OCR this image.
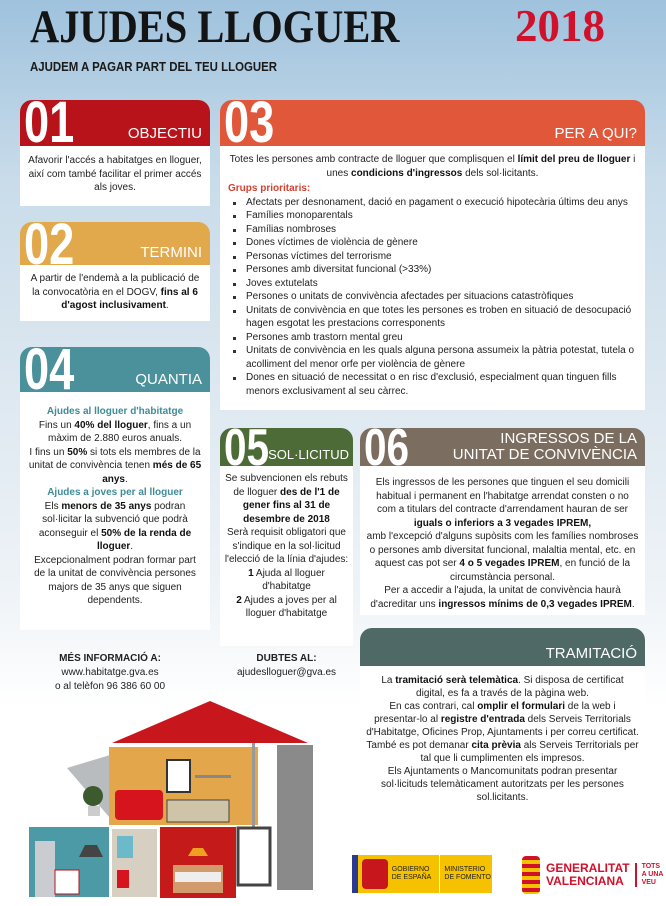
AJUDES LLOGUER	2018
AJUDEM A PAGAR PART DEL TEU LLOGUER
01	OBJECTIU
Afavorir l'accés a habitatges en lloguer, així com també facilitar el primer accés als joves.
02	TERMINI
A partir de l'endemà a la publicació de la convocatòria en el DOGV, fins al 6 d'agost inclusivament.
04	QUANTIA
Ajudes al lloguer d'habitatge
Fins un 40% del lloguer, fins a un màxim de 2.880 euros anuals.
I fins un 50% si tots els membres de la unitat de convivència tenen més de 65 anys.
Ajudes a joves per al lloguer
Els menors de 35 anys podran sol·licitar la subvenció que podrà aconseguir el 50% de la renda de lloguer.
Excepcionalment podran formar part de la unitat de convivència persones majors de 35 anys que siguen dependents.
03	PER A QUI?
Totes les persones amb contracte de lloguer que complisquen el límit del preu de lloguer i unes condicions d'ingressos dels sol·licitants.
Grups prioritaris:
Afectats per desnonament, dació en pagament o execució hipotecària últims deu anys
Famílies monoparentals
Famílias nombroses
Dones víctimes de violència de gènere
Personas víctimes del terrorisme
Persones amb diversitat funcional (>33%)
Joves extutelats
Persones o unitats de convivència afectades per situacions catastròfiques
Unitats de convivència en que totes les persones es troben en situació de desocupació hagen esgotat les prestacions corresponents
Persones amb trastorn mental greu
Unitats de convivència en les quals alguna persona assumeix la pàtria potestat, tutela o acolliment del menor orfe per violència de gènere
Dones en situació de necessitat o en risc d'exclusió, especialment quan tinguen fills menors exclusivament al seu càrrec.
05
SOL·LICITUD
Se subvencionen els rebuts de lloguer des de l'1 de gener fins al 31 de desembre de 2018
Serà requisit obligatori que s'indique en la sol·licitud l'elecció de la línia d'ajudes:
1 Ajuda al lloguer d'habitatge
2 Ajudes a joves per al lloguer d'habitatge
06	INGRESSOS DE LA
UNITAT DE CONVIVÈNCIA
Els ingressos de les persones que tinguen el seu domicili habitual i permanent en l'habitatge arrendat consten o no com a titulars del contracte d'arrendament hauran de ser
iguals o inferiors a 3 vegades IPREM,
amb l'excepció d'alguns supòsits com les famílies nombroses o persones amb diversitat funcional, malaltia mental, etc. en aquest cas pot ser 4 o 5 vegades IPREM, en funció de la circumstància personal.
Per a accedir a l'ajuda, la unitat de convivència haurà d'acreditar uns ingressos mínims de 0,3 vegades IPREM.
TRAMITACIÓ
La tramitació serà telemàtica. Si disposa de certificat digital, es fa a través de la pàgina web.
En cas contrari, cal omplir el formulari de la web i presentar-lo al registre d'entrada dels Serveis Territorials d'Habitatge, Oficines Prop, Ajuntaments i per correu certificat.
També es pot demanar cita prèvia als Serveis Territorials per tal que li cumplimenten els impresos.
Els Ajuntaments o Mancomunitats podran presentar sol·licituds telemàticament autoritzats per les persones sol.licitants.
MÉS INFORMACIÓ A:
www.habitatge.gva.es
o al telèfon 96 386 60 00
DUBTES AL:
ajudeslloguer@gva.es
GOBIERNO DE ESPAÑA
MINISTERIO DE FOMENTO
GENERALITAT
VALENCIANA
TOTS A UNA VEU
